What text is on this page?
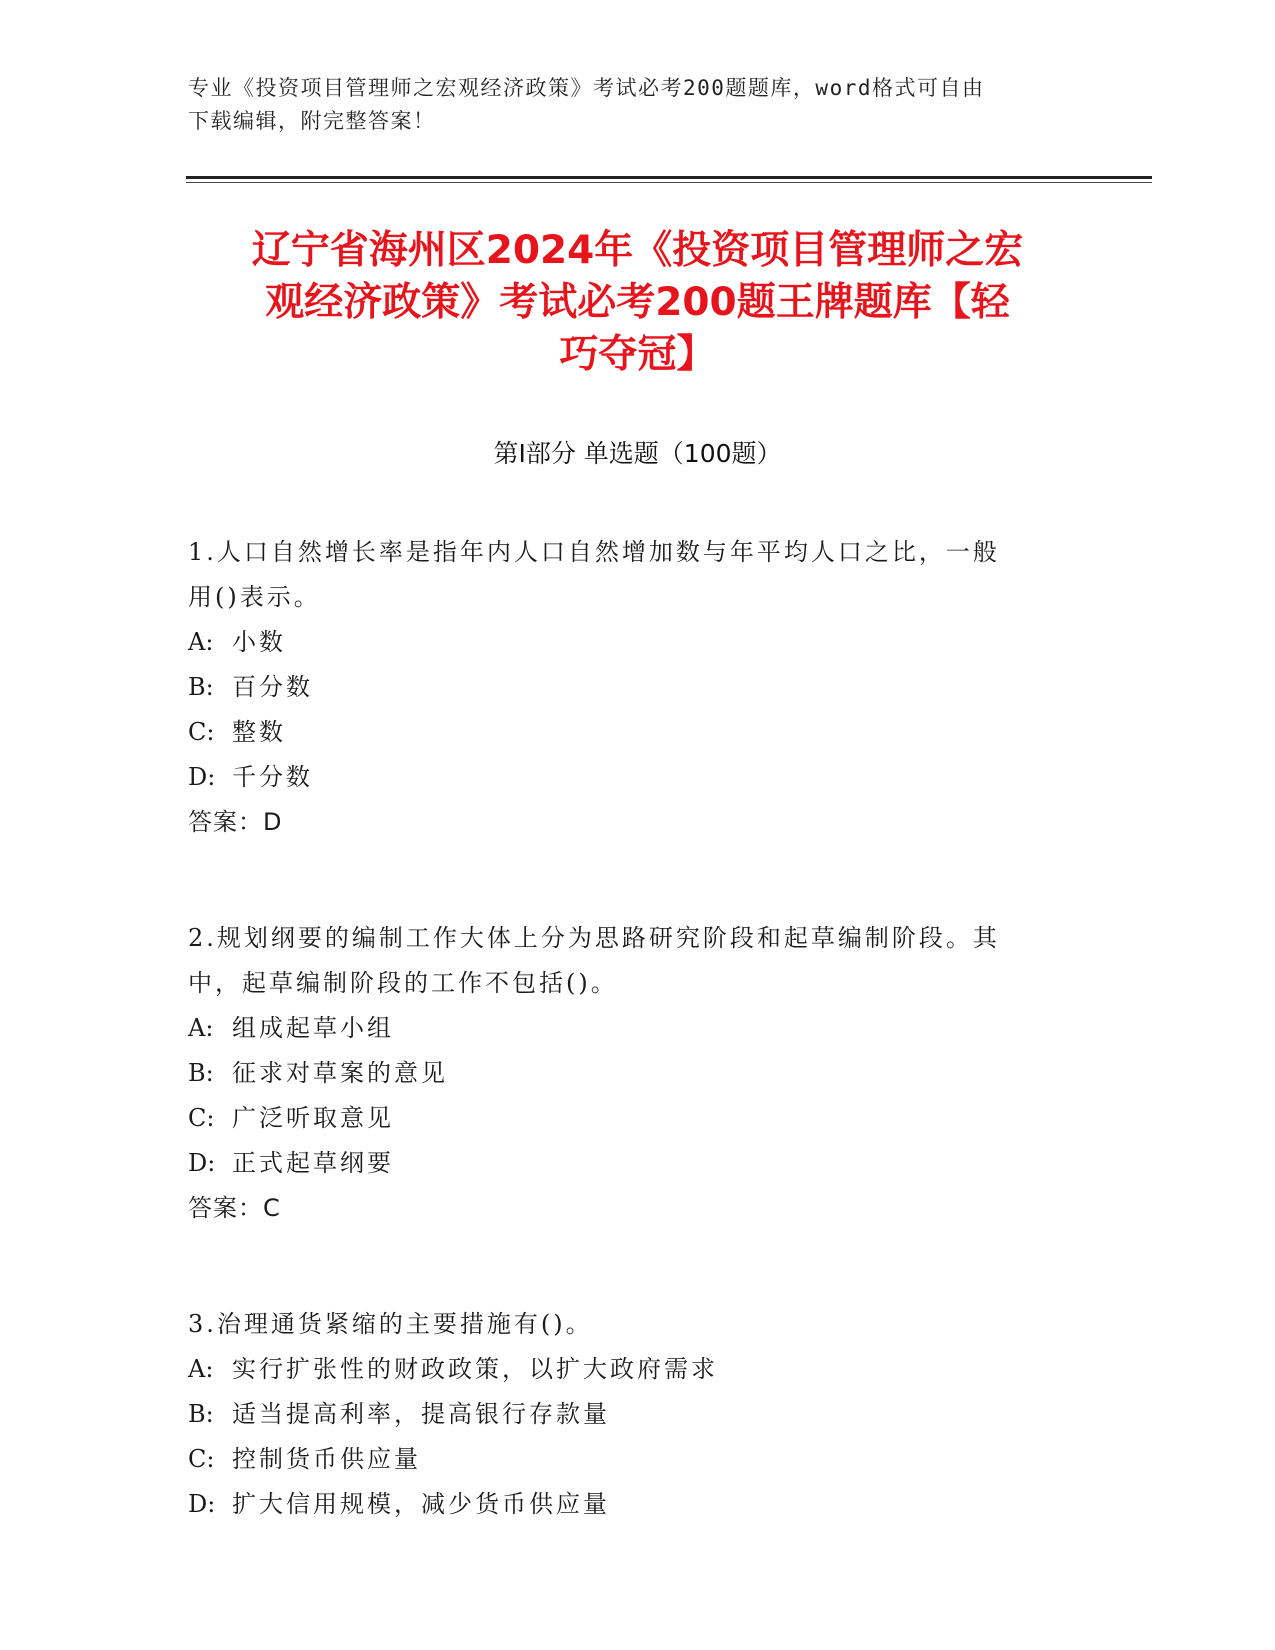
专业《投资项目管理师之宏观经济政策》考试必考200题题库，word格式可自由
下载编辑，附完整答案！
辽宁省海州区2024年《投资项目管理师之宏
观经济政策》考试必考200题王牌题库【轻
巧夺冠】
第Ⅰ部分 单选题（100题）
1.人口自然增长率是指年内人口自然增加数与年平均人口之比，一般
用()表示。
A: 小数
B: 百分数
C: 整数
D: 千分数
答案：D
2.规划纲要的编制工作大体上分为思路研究阶段和起草编制阶段。其
中，起草编制阶段的工作不包括()。
A: 组成起草小组
B: 征求对草案的意见
C: 广泛听取意见
D: 正式起草纲要
答案：C
3.治理通货紧缩的主要措施有()。
A: 实行扩张性的财政政策，以扩大政府需求
B: 适当提高利率，提高银行存款量
C: 控制货币供应量
D: 扩大信用规模，减少货币供应量
